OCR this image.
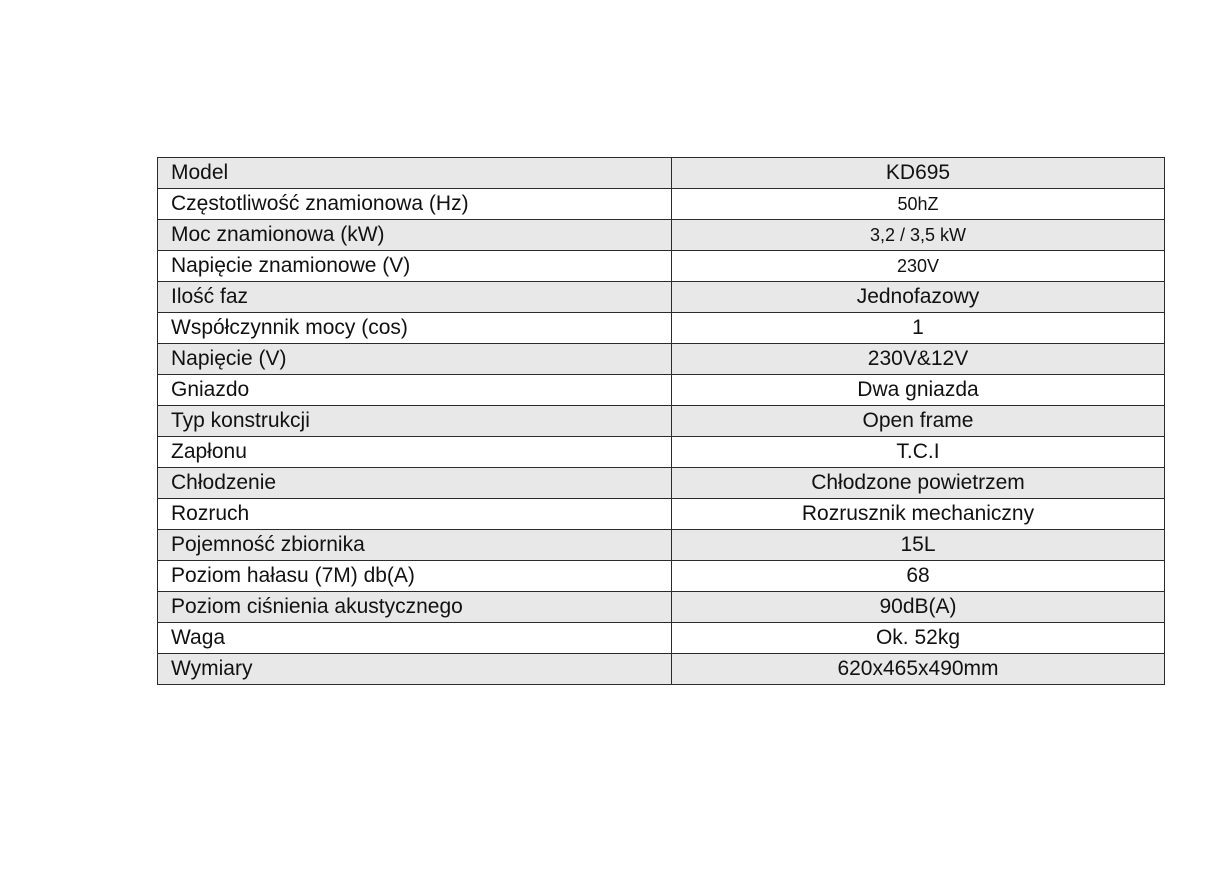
Model	KD695
Częstotliwość znamionowa (Hz)	50hZ
Moc znamionowa (kW)	3,2 / 3,5 kW
Napięcie znamionowe (V)	230V
Ilość faz	Jednofazowy
Współczynnik mocy (cos)	1
Napięcie (V)	230V&12V
Gniazdo	Dwa gniazda
Typ konstrukcji	Open frame
Zapłonu	T.C.I
Chłodzenie	Chłodzone powietrzem
Rozruch	Rozrusznik mechaniczny
Pojemność zbiornika	15L
Poziom hałasu (7M) db(A)	68
Poziom ciśnienia akustycznego	90dB(A)
Waga	Ok. 52kg
Wymiary	620x465x490mm
